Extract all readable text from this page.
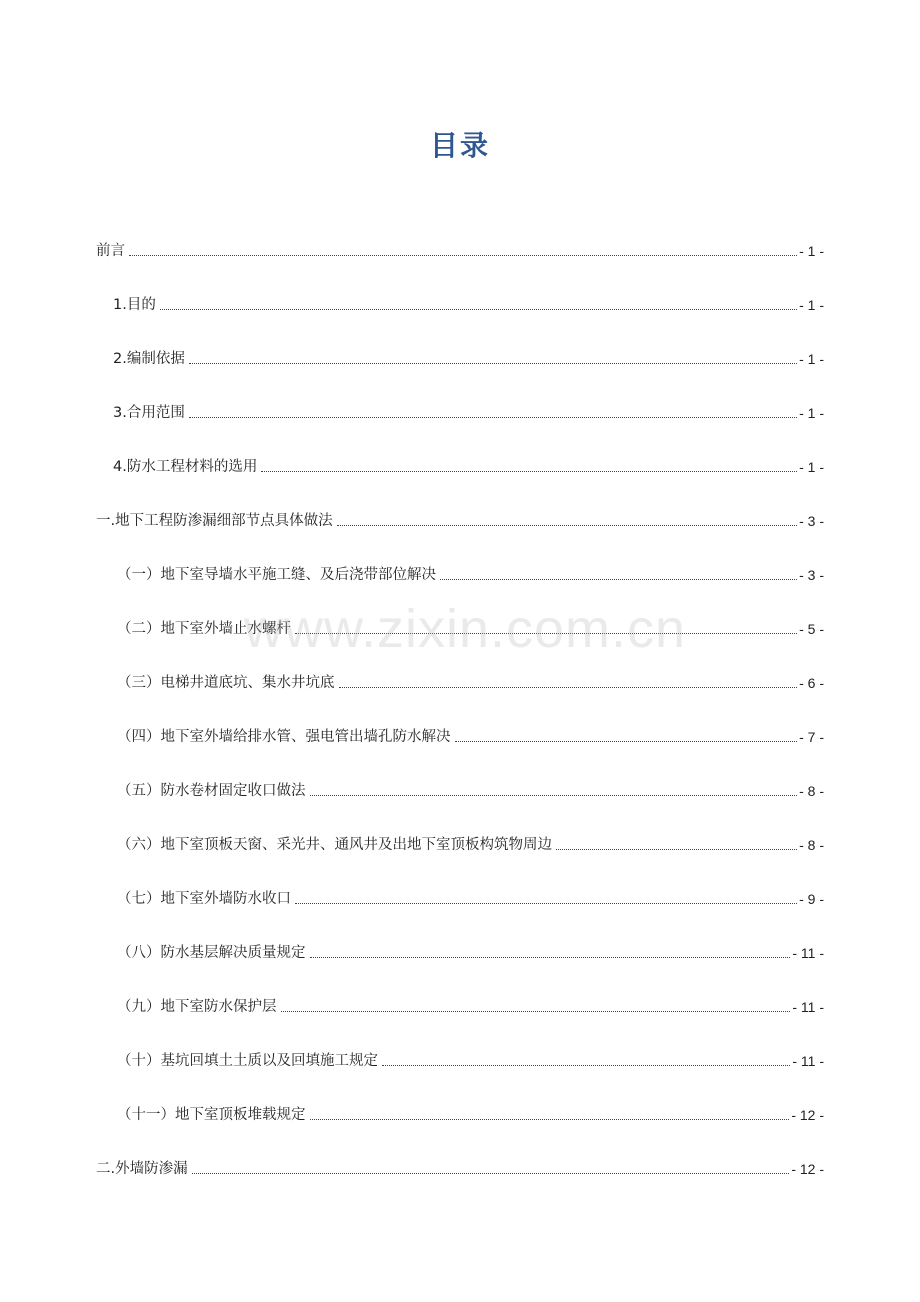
目录
前言	- 1 -
1.目的	- 1 -
2.编制依据	- 1 -
3.合用范围	- 1 -
4.防水工程材料的选用	- 1 -
一.地下工程防渗漏细部节点具体做法	- 3 -
（一）地下室导墙水平施工缝、及后浇带部位解决	- 3 -
（二）地下室外墙止水螺杆	- 5 -
（三）电梯井道底坑、集水井坑底	- 6 -
（四）地下室外墙给排水管、强电管出墙孔防水解决	- 7 -
（五）防水卷材固定收口做法	- 8 -
（六）地下室顶板天窗、采光井、通风井及出地下室顶板构筑物周边	- 8 -
（七）地下室外墙防水收口	- 9 -
（八）防水基层解决质量规定	- 11 -
（九）地下室防水保护层	- 11 -
（十）基坑回填土土质以及回填施工规定	- 11 -
（十一）地下室顶板堆载规定	- 12 -
二.外墙防渗漏	- 12 -
www.zixin.com.cn
